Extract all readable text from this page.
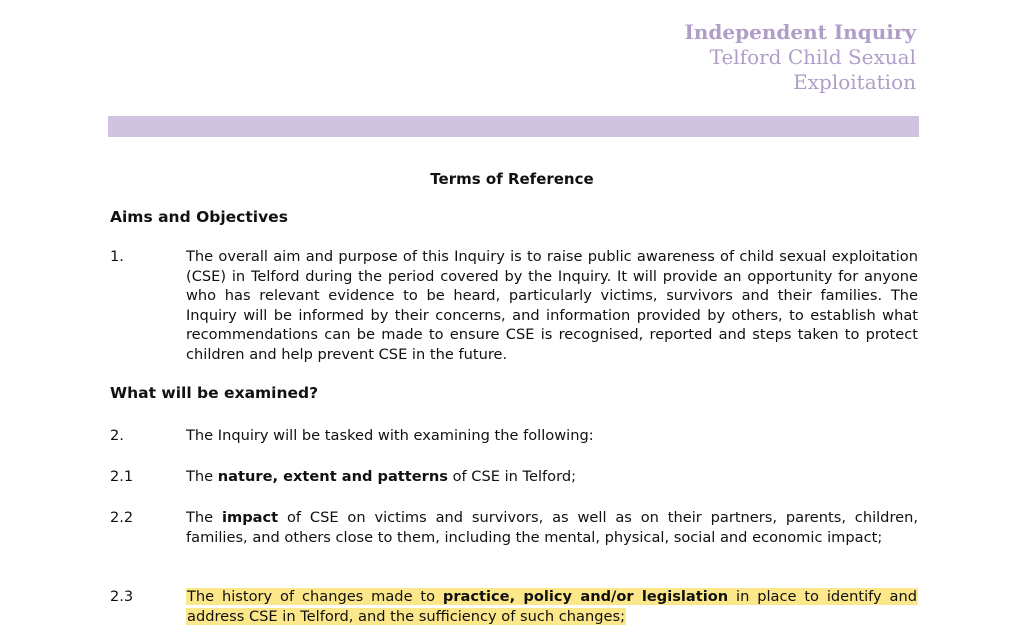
Independent Inquiry
Telford Child Sexual
Exploitation
Terms of Reference
Aims and Objectives
1.	The overall aim and purpose of this Inquiry is to raise public awareness of child sexual exploitation (CSE) in Telford during the period covered by the Inquiry. It will provide an opportunity for anyone who has relevant evidence to be heard, particularly victims, survivors and their families. The Inquiry will be informed by their concerns, and information provided by others, to establish what recommendations can be made to ensure CSE is recognised, reported and steps taken to protect children and help prevent CSE in the future.
What will be examined?
2.	The Inquiry will be tasked with examining the following:
2.1	The nature, extent and patterns of CSE in Telford;
2.2	The impact of CSE on victims and survivors, as well as on their partners, parents, children, families, and others close to them, including the mental, physical, social and economic impact;
2.3	The history of changes made to practice, policy and/or legislation in place to identify and address CSE in Telford, and the sufficiency of such changes;
